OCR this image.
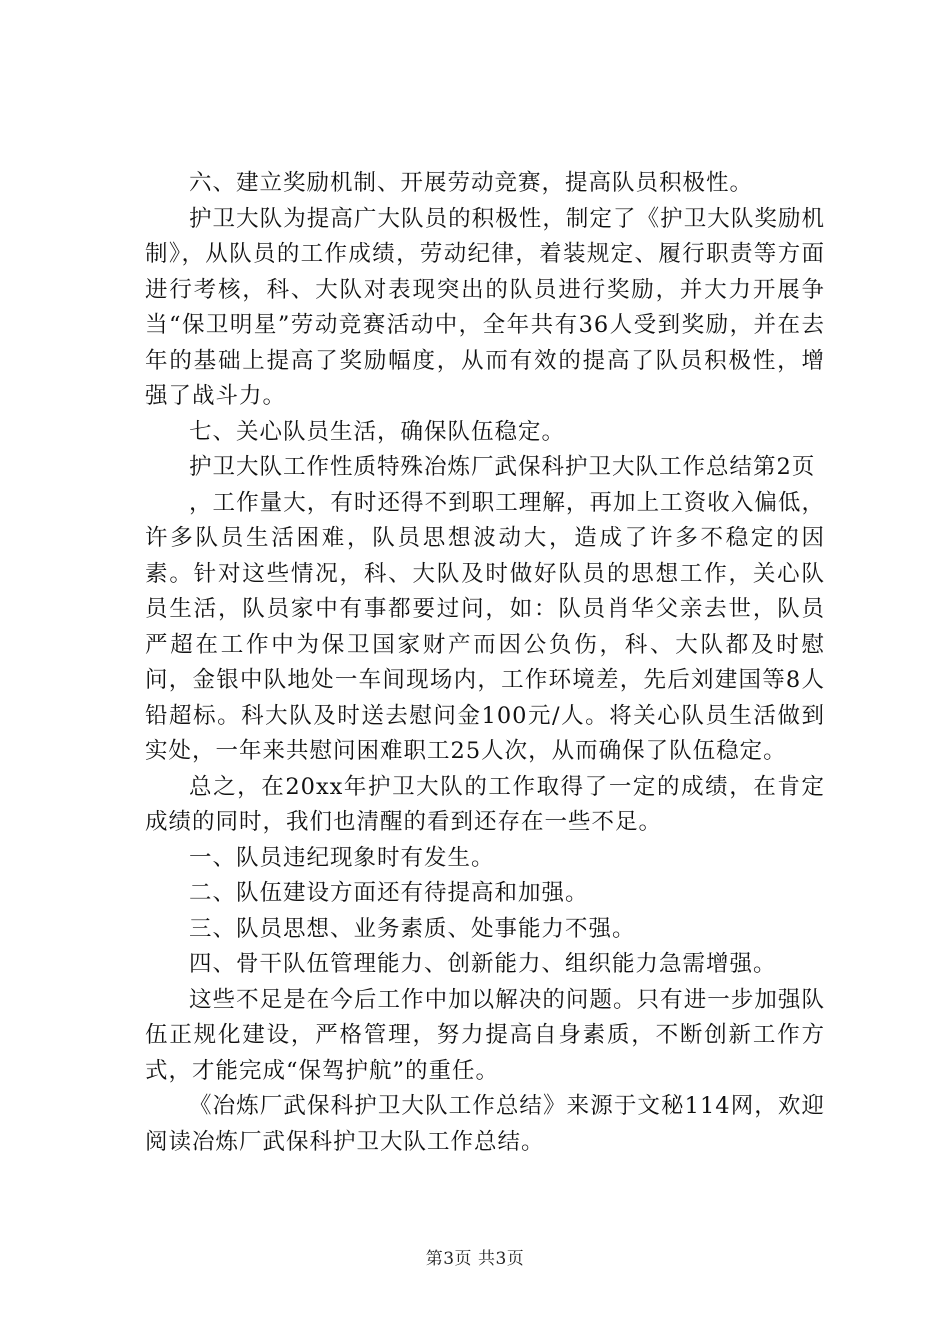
六、建立奖励机制、开展劳动竞赛，提高队员积极性。

护卫大队为提高广大队员的积极性，制定了《护卫大队奖励机制》，从队员的工作成绩，劳动纪律，着装规定、履行职责等方面进行考核，科、大队对表现突出的队员进行奖励，并大力开展争当“保卫明星”劳动竞赛活动中，全年共有36人受到奖励，并在去年的基础上提高了奖励幅度，从而有效的提高了队员积极性，增强了战斗力。

七、关心队员生活，确保队伍稳定。

护卫大队工作性质特殊冶炼厂武保科护卫大队工作总结第2页

，工作量大，有时还得不到职工理解，再加上工资收入偏低，许多队员生活困难，队员思想波动大，造成了许多不稳定的因素。针对这些情况，科、大队及时做好队员的思想工作，关心队员生活，队员家中有事都要过问，如：队员肖华父亲去世，队员严超在工作中为保卫国家财产而因公负伤，科、大队都及时慰问，金银中队地处一车间现场内，工作环境差，先后刘建国等8人铅超标。科大队及时送去慰问金100元/人。将关心队员生活做到实处，一年来共慰问困难职工25人次，从而确保了队伍稳定。

总之，在20xx年护卫大队的工作取得了一定的成绩，在肯定成绩的同时，我们也清醒的看到还存在一些不足。

一、队员违纪现象时有发生。

二、队伍建设方面还有待提高和加强。

三、队员思想、业务素质、处事能力不强。

四、骨干队伍管理能力、创新能力、组织能力急需增强。

这些不足是在今后工作中加以解决的问题。只有进一步加强队伍正规化建设，严格管理，努力提高自身素质，不断创新工作方式，才能完成“保驾护航”的重任。

《冶炼厂武保科护卫大队工作总结》来源于文秘114网，欢迎阅读冶炼厂武保科护卫大队工作总结。

第3页 共3页
